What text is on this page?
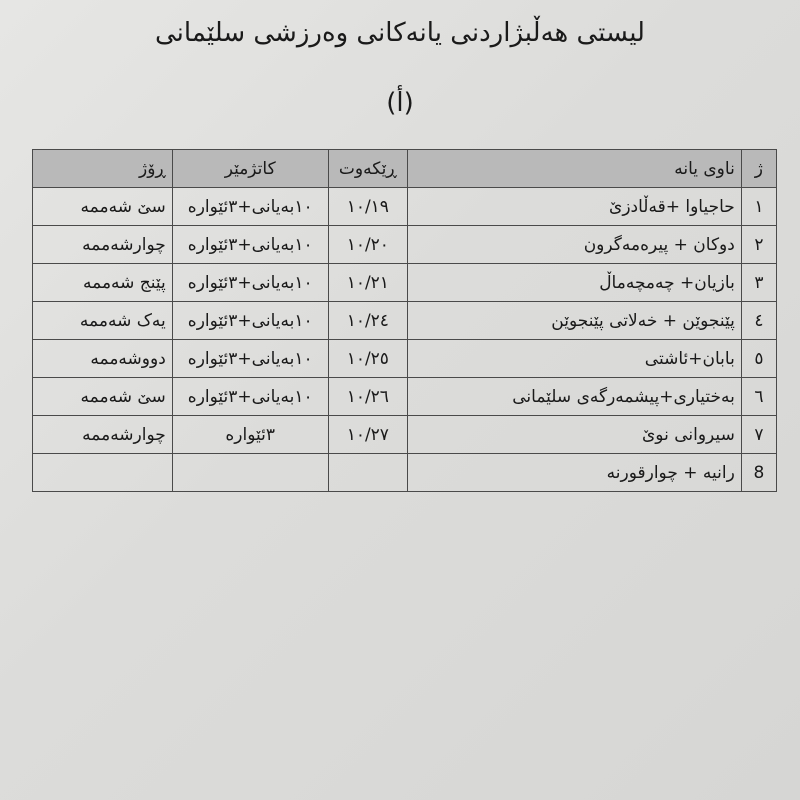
لیستی هەڵبژاردنی یانەکانی وەرزشی سلێمانی
(أ)
ژ	ناوی یانە	ڕێکەوت	کاتژمێر	ڕۆژ
١	حاجیاوا +قەڵادزێ	١٠/١٩	١٠بەیانی+٣ئێوارە	سێ شەممە
٢	دوکان + پیرەمەگرون	١٠/٢٠	١٠بەیانی+٣ئێوارە	چوارشەممە
٣	بازیان+ چەمچەماڵ	١٠/٢١	١٠بەیانی+٣ئێوارە	پێنج شەممە
٤	پێنجوێن + خەلاتی پێنجوێن	١٠/٢٤	١٠بەیانی+٣ئێوارە	یەک شەممە
٥	بابان+ئاشتی	١٠/٢٥	١٠بەیانی+٣ئێوارە	دووشەممە
٦	بەختیاری+پیشمەرگەی سلێمانی	١٠/٢٦	١٠بەیانی+٣ئێوارە	سێ شەممە
٧	سیروانی نوێ	١٠/٢٧	٣ئێوارە	چوارشەممە
8	رانیە + چوارقورنە			
